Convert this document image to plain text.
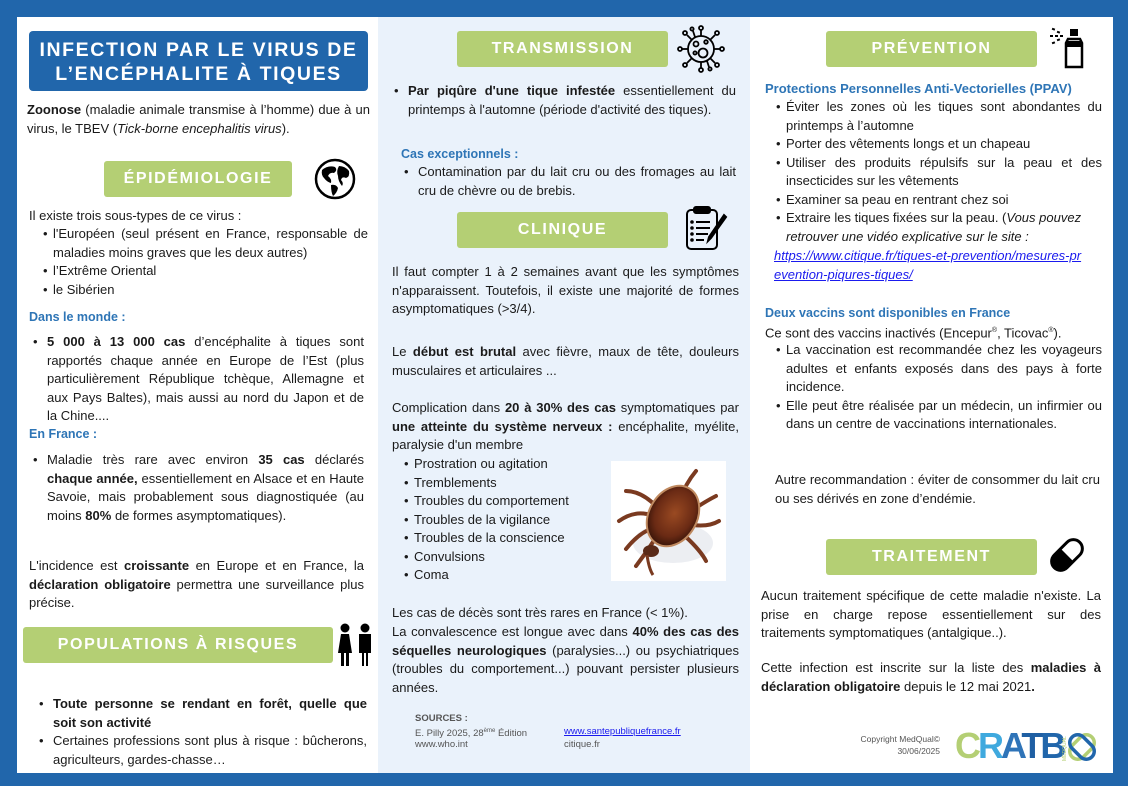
INFECTION PAR LE VIRUS DE
L’ENCÉPHALITE À TIQUES

Zoonose (maladie animale transmise à l’homme) due à un virus, le TBEV (Tick-borne encephalitis virus).

ÉPIDÉMIOLOGIE

Il existe trois sous-types de ce virus :

• l'Européen (seul présent en France, responsable de maladies moins graves que les deux autres)
• l’Extrême Oriental
• le Sibérien
Dans le monde :
• 5 000 à 13 000 cas d’encéphalite à tiques sont rapportés chaque année en Europe de l’Est (plus particulièrement République tchèque, Allemagne et aux Pays Baltes), mais aussi au nord du Japon et de la Chine....
En France :
• Maladie très rare avec environ 35 cas déclarés chaque année, essentiellement en Alsace et en Haute Savoie, mais probablement sous diagnostiquée (au moins 80% de formes asymptomatiques).

L'incidence est croissante en Europe et en France, la déclaration obligatoire permettra une surveillance plus précise.

POPULATIONS À RISQUES
• Toute personne se rendant en forêt, quelle que soit son activité
• Certaines professions sont plus à risque : bûcherons, agriculteurs, gardes-chasse…
TRANSMISSION
• Par piqûre d'une tique infestée essentiellement du printemps à l'automne (période d'activité des tiques).
Cas exceptionnels :
• Contamination par du lait cru ou des fromages au lait cru de chèvre ou de brebis.
CLINIQUE

Il faut compter 1 à 2 semaines avant que les symptômes n'apparaissent. Toutefois, il existe une majorité de formes asymptomatiques (>3/4).

Le début est brutal avec fièvre, maux de tête, douleurs musculaires et articulaires ...

Complication dans 20 à 30% des cas symptomatiques par une atteinte du système nerveux : encéphalite, myélite, paralysie d'un membre

• Prostration ou agitation
• Tremblements
• Troubles du comportement
• Troubles de la vigilance
• Troubles de la conscience
• Convulsions
• Coma

Les cas de décès sont très rares en France (< 1%).

La convalescence est longue avec dans 40% des cas des séquelles neurologiques (paralysies...) ou psychiatriques (troubles du comportement...) pouvant persister plusieurs années.

SOURCES :
E. Pilly 2025, 28ème Édition
www.who.int
www.santepubliquefrance.fr
citique.fr
PRÉVENTION
Protections Personnelles Anti-Vectorielles (PPAV)
• Éviter les zones où les tiques sont abondantes du printemps à l’automne
• Porter des vêtements longs et un chapeau
• Utiliser des produits répulsifs sur la peau et des insecticides sur les vêtements
• Examiner sa peau en rentrant chez soi
• Extraire les tiques fixées sur la peau. (Vous pouvez retrouver une vidéo explicative sur le site :
https://www.citique.fr/tiques-et-prevention/mesures-prevention-piqures-tiques/
Deux vaccins sont disponibles en France

Ce sont des vaccins inactivés (Encepur®, Ticovac®).

• La vaccination est recommandée chez les voyageurs adultes et enfants exposés dans des pays à forte incidence.
• Elle peut être réalisée par un médecin, un infirmier ou dans un centre de vaccinations internationales.

Autre recommandation : éviter de consommer du lait cru ou ses dérivés en zone d’endémie.

TRAITEMENT

Aucun traitement spécifique de cette maladie n'existe. La prise en charge repose essentiellement sur des traitements symptomatiques (antalgique..).

Cette infection est inscrite sur la liste des maladies à déclaration obligatoire depuis le 12 mai 2021.

Copyright MedQual©
30/06/2025 CRATB
MEDQUAL
